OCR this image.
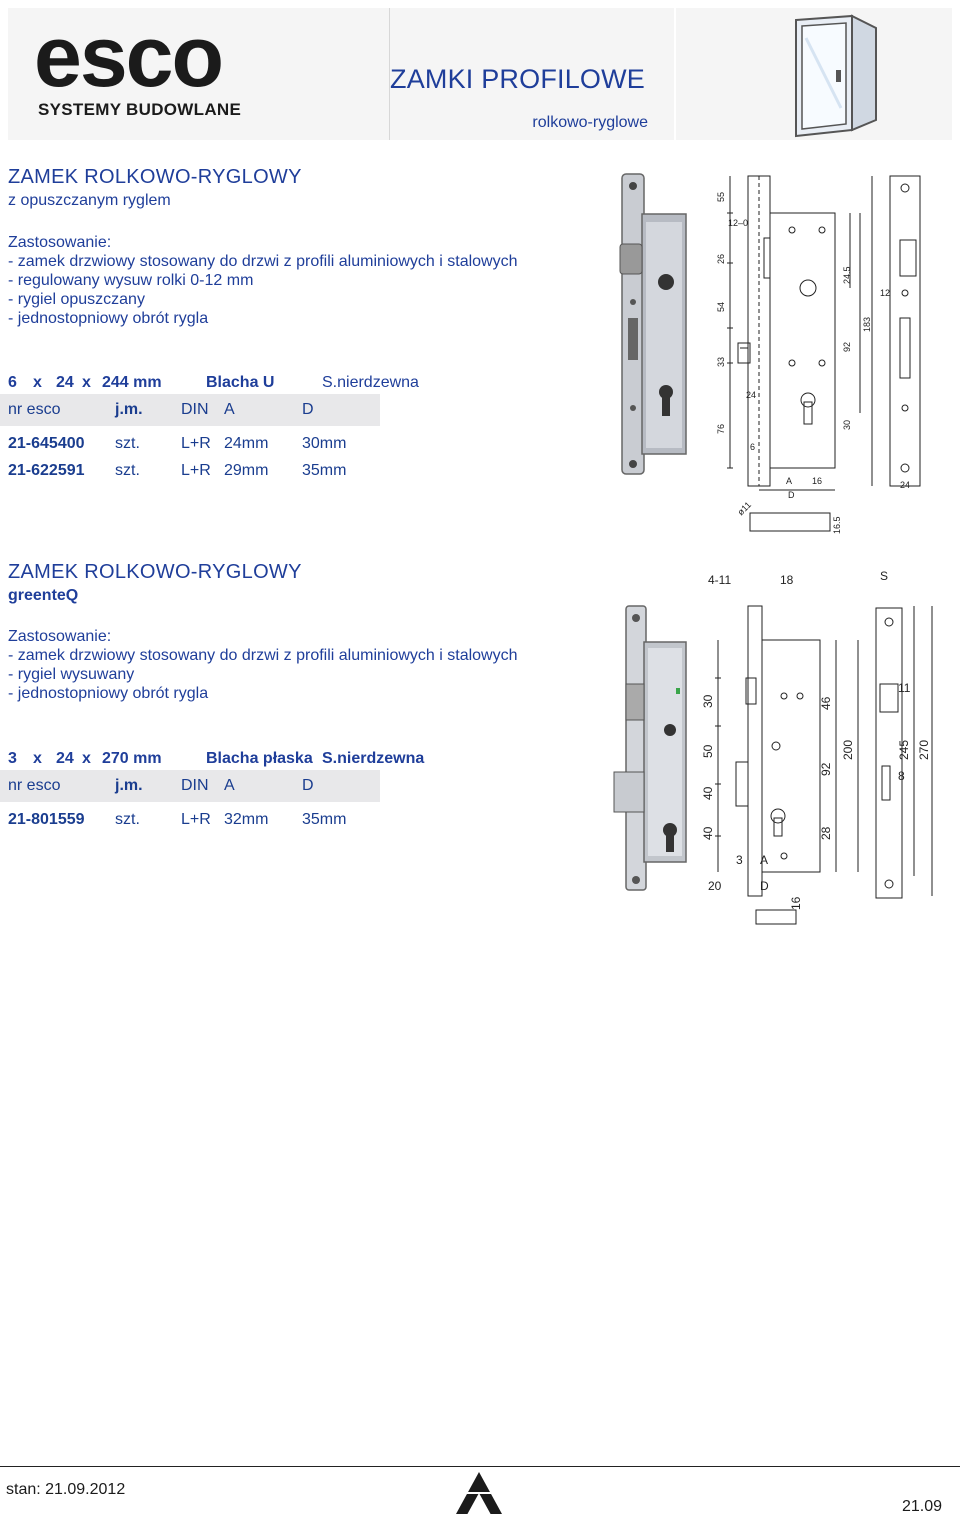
esco
SYSTEMY BUDOWLANE
ZAMKI PROFILOWE
rolkowo-ryglowe
ZAMEK ROLKOWO-RYGLOWY
z opuszczanym ryglem
Zastosowanie:
- zamek drzwiowy stosowany do drzwi z profili aluminiowych i stalowych
- regulowany wysuw rolki 0-12 mm
- rygiel opuszczany
- jednostopniowy obrót rygla
6 x 24 x 244 mm	Blacha U	S.nierdzewna
nr esco	j.m. DIN A	D
21-645400 szt.	L+R 24mm 30mm
21-622591 szt.	L+R 29mm 35mm
55
12–0
26
54
33
76
24
6
24.5
92
183
30
A
D
16
12
24
ø11
16.5
ZAMEK ROLKOWO-RYGLOWY
greenteQ
Zastosowanie:
- zamek drzwiowy stosowany do drzwi z profili aluminiowych i stalowych
- rygiel wysuwany
- jednostopniowy obrót rygla
3 x 24 x 270 mm	Blacha płaska S.nierdzewna
nr esco	j.m. DIN A	D
21-801559 szt.	L+R 32mm 35mm
4-11	18	S
30
50
40
40
46
92
28
200
11
245 270
8
3 A
20	D
16
stan: 21.09.2012
21.09
